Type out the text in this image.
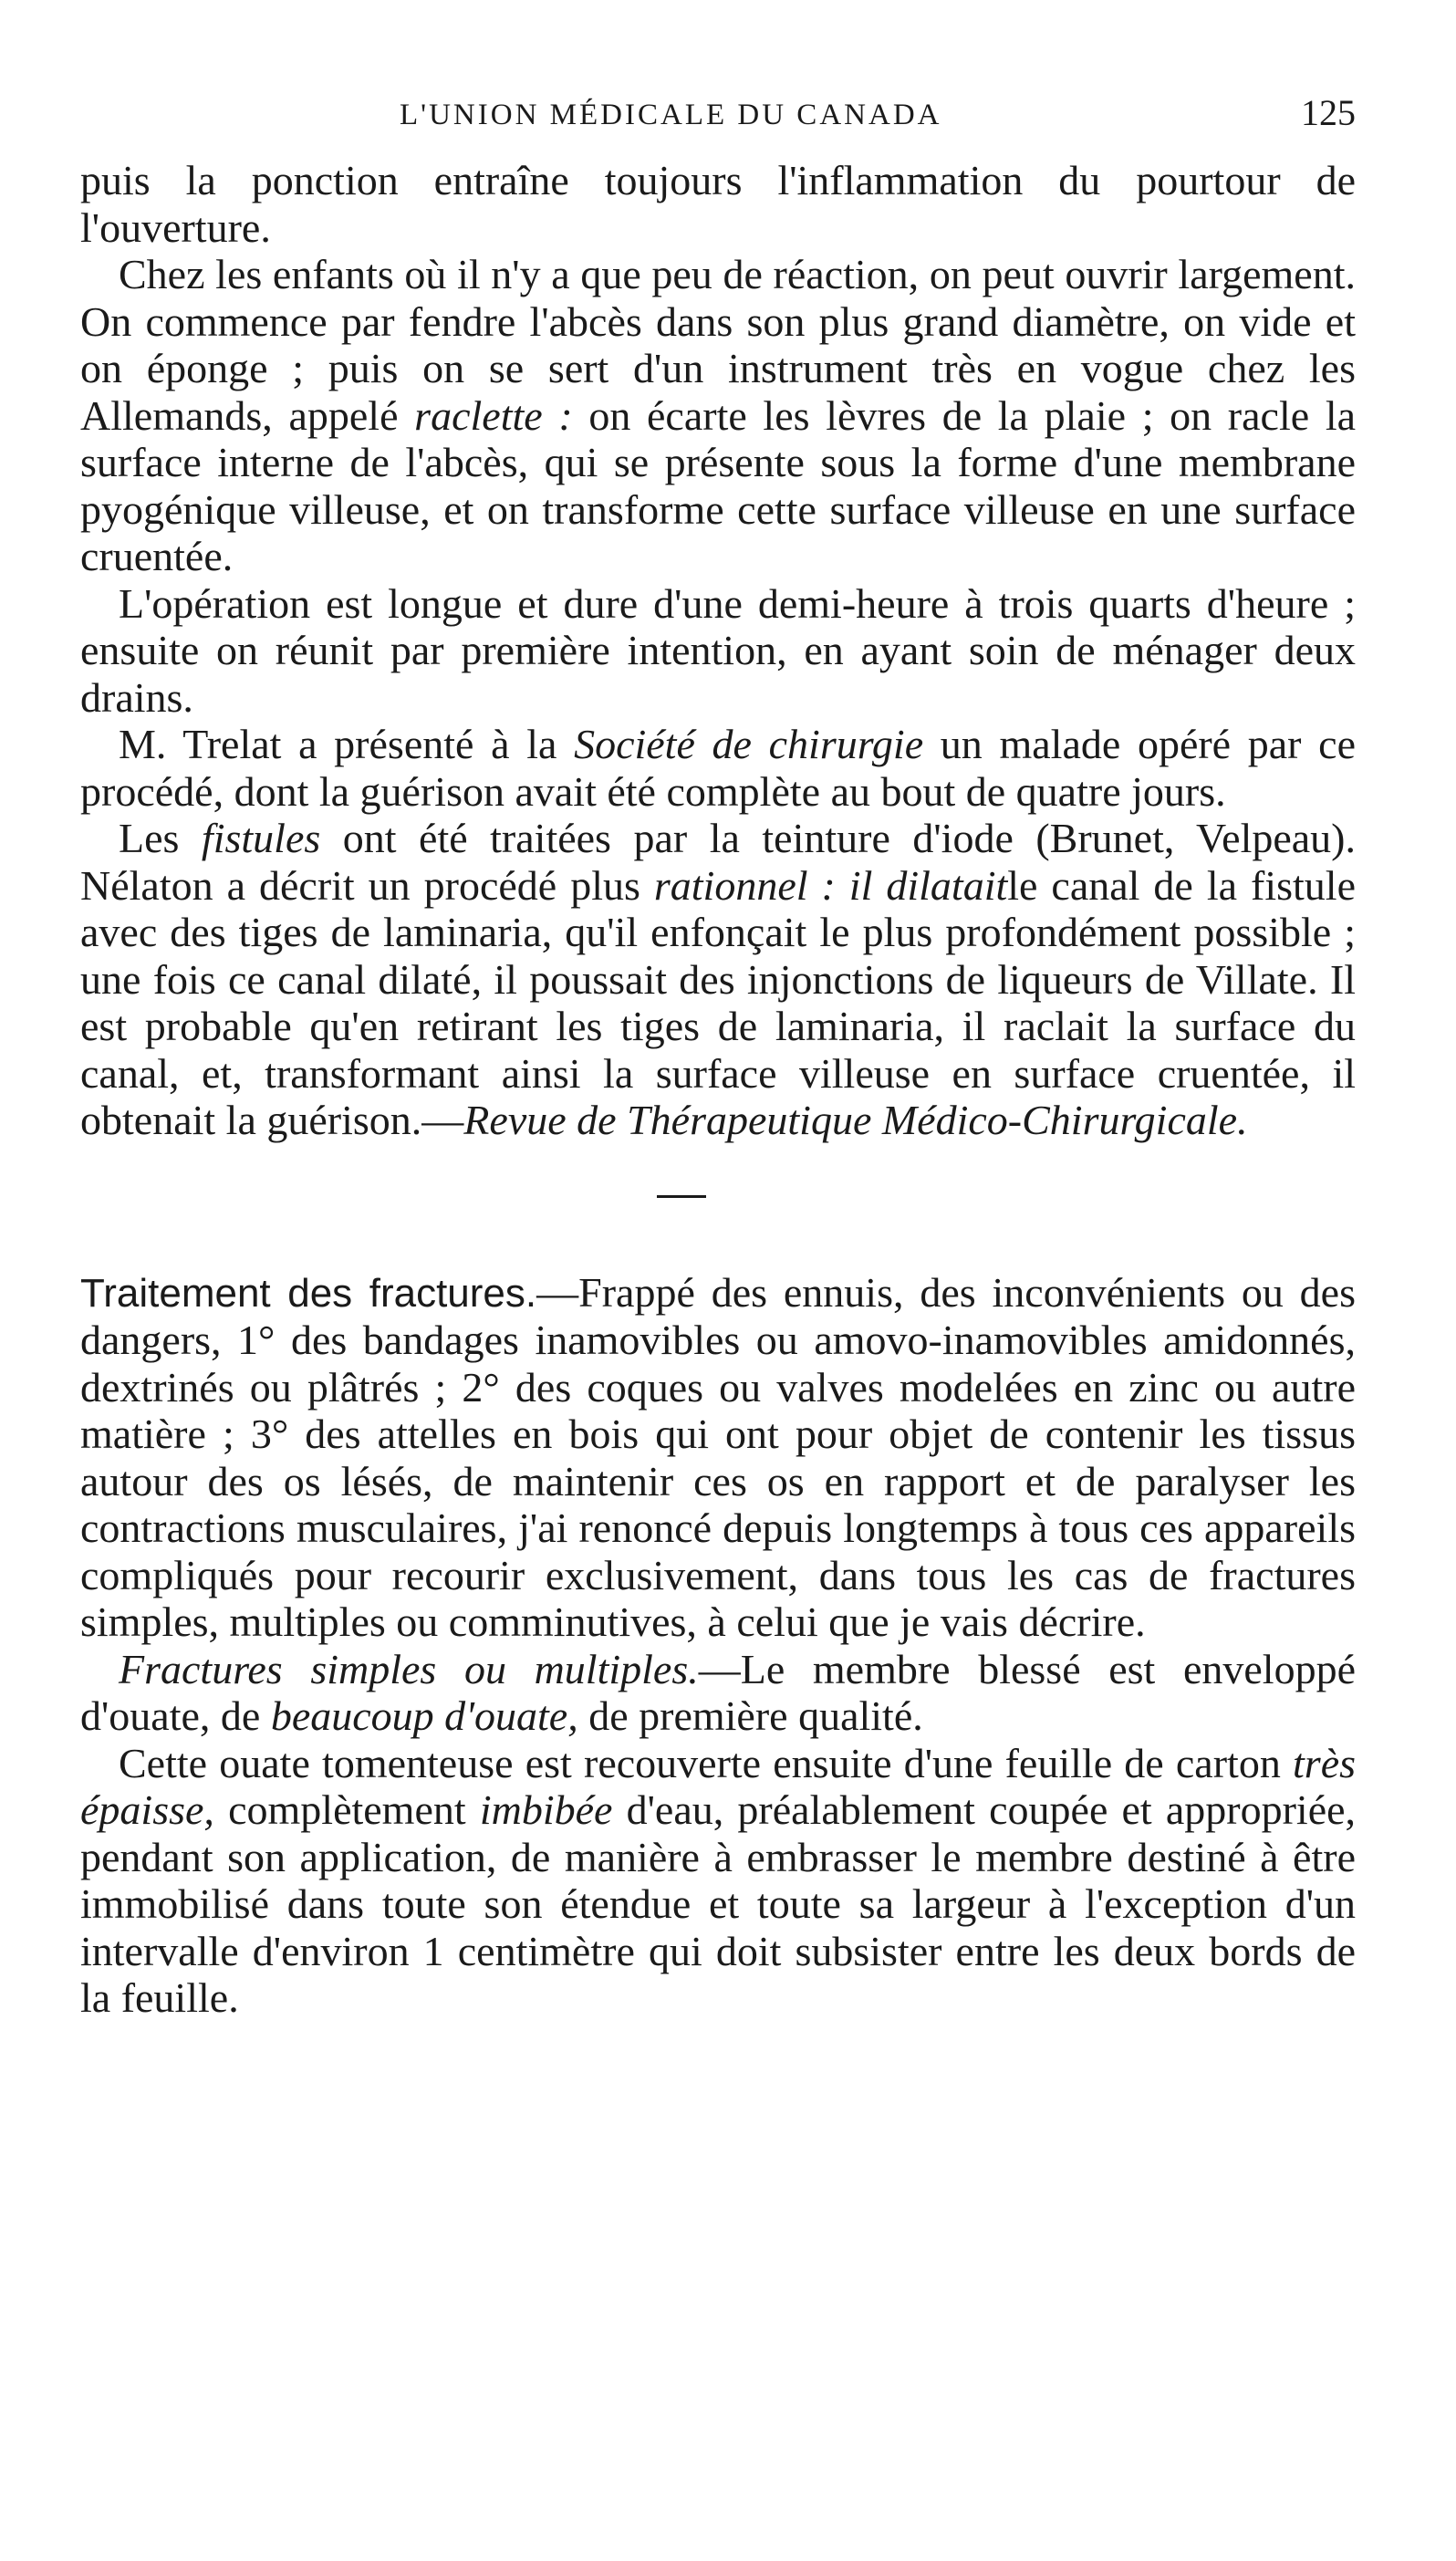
L'UNION MÉDICALE DU CANADA	125

puis la ponction entraîne toujours l'inflammation du pourtour de l'ouverture.

Chez les enfants où il n'y a que peu de réaction, on peut ouvrir largement. On commence par fendre l'abcès dans son plus grand diamètre, on vide et on éponge ; puis on se sert d'un instrument très en vogue chez les Allemands, appelé raclette : on écarte les lèvres de la plaie ; on racle la surface interne de l'abcès, qui se présente sous la forme d'une membrane pyogénique villeuse, et on transforme cette surface villeuse en une surface cruentée.

L'opération est longue et dure d'une demi-heure à trois quarts d'heure ; ensuite on réunit par première intention, en ayant soin de ménager deux drains.

M. Trelat a présenté à la Société de chirurgie un malade opéré par ce procédé, dont la guérison avait été complète au bout de quatre jours.

Les fistules ont été traitées par la teinture d'iode (Brunet, Velpeau). Nélaton a décrit un procédé plus rationnel : il dilataitle canal de la fistule avec des tiges de laminaria, qu'il enfonçait le plus profondément possible ; une fois ce canal dilaté, il poussait des injonctions de liqueurs de Villate. Il est probable qu'en retirant les tiges de laminaria, il raclait la surface du canal, et, transformant ainsi la surface villeuse en surface cruentée, il obtenait la guérison.—Revue de Thérapeutique Médico-Chirurgicale.

Traitement des fractures.—Frappé des ennuis, des inconvénients ou des dangers, 1° des bandages inamovibles ou amovo-inamovibles amidonnés, dextrinés ou plâtrés ; 2° des coques ou valves modelées en zinc ou autre matière ; 3° des attelles en bois qui ont pour objet de contenir les tissus autour des os lésés, de maintenir ces os en rapport et de paralyser les contractions musculaires, j'ai renoncé depuis longtemps à tous ces appareils compliqués pour recourir exclusivement, dans tous les cas de fractures simples, multiples ou comminutives, à celui que je vais décrire.

Fractures simples ou multiples.—Le membre blessé est enveloppé d'ouate, de beaucoup d'ouate, de première qualité.

Cette ouate tomenteuse est recouverte ensuite d'une feuille de carton très épaisse, complètement imbibée d'eau, préalablement coupée et appropriée, pendant son application, de manière à embrasser le membre destiné à être immobilisé dans toute son étendue et toute sa largeur à l'exception d'un intervalle d'environ 1 centimètre qui doit subsister entre les deux bords de la feuille.
